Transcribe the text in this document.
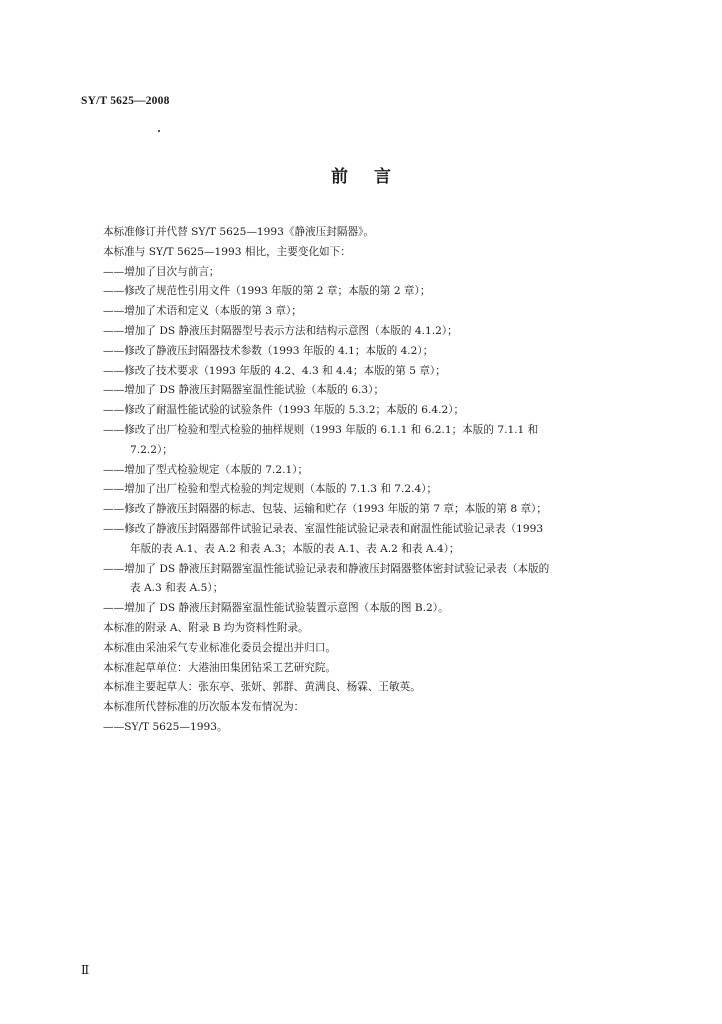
SY/T 5625—2008
前言
本标准修订并代替 SY/T 5625—1993《静液压封隔器》。
本标准与 SY/T 5625—1993 相比，主要变化如下：
——增加了目次与前言；
——修改了规范性引用文件（1993 年版的第 2 章；本版的第 2 章）；
——增加了术语和定义（本版的第 3 章）；
——增加了 DS 静液压封隔器型号表示方法和结构示意图（本版的 4.1.2）；
——修改了静液压封隔器技术参数（1993 年版的 4.1；本版的 4.2）；
——修改了技术要求（1993 年版的 4.2、4.3 和 4.4；本版的第 5 章）；
——增加了 DS 静液压封隔器室温性能试验（本版的 6.3）；
——修改了耐温性能试验的试验条件（1993 年版的 5.3.2；本版的 6.4.2）；
——修改了出厂检验和型式检验的抽样规则（1993 年版的 6.1.1 和 6.2.1；本版的 7.1.1 和
7.2.2）；
——增加了型式检验规定（本版的 7.2.1）；
——增加了出厂检验和型式检验的判定规则（本版的 7.1.3 和 7.2.4）；
——修改了静液压封隔器的标志、包装、运输和贮存（1993 年版的第 7 章；本版的第 8 章）；
——修改了静液压封隔器部件试验记录表、室温性能试验记录表和耐温性能试验记录表（1993
年版的表 A.1、表 A.2 和表 A.3；本版的表 A.1、表 A.2 和表 A.4）；
——增加了 DS 静液压封隔器室温性能试验记录表和静液压封隔器整体密封试验记录表（本版的
表 A.3 和表 A.5）；
——增加了 DS 静液压封隔器室温性能试验装置示意图（本版的图 B.2）。
本标准的附录 A、附录 B 均为资料性附录。
本标准由采油采气专业标准化委员会提出并归口。
本标准起草单位：大港油田集团钻采工艺研究院。
本标准主要起草人：张东亭、张妍、郭群、黄满良、杨霖、王敏英。
本标准所代替标准的历次版本发布情况为：
——SY/T 5625—1993。
Ⅱ
